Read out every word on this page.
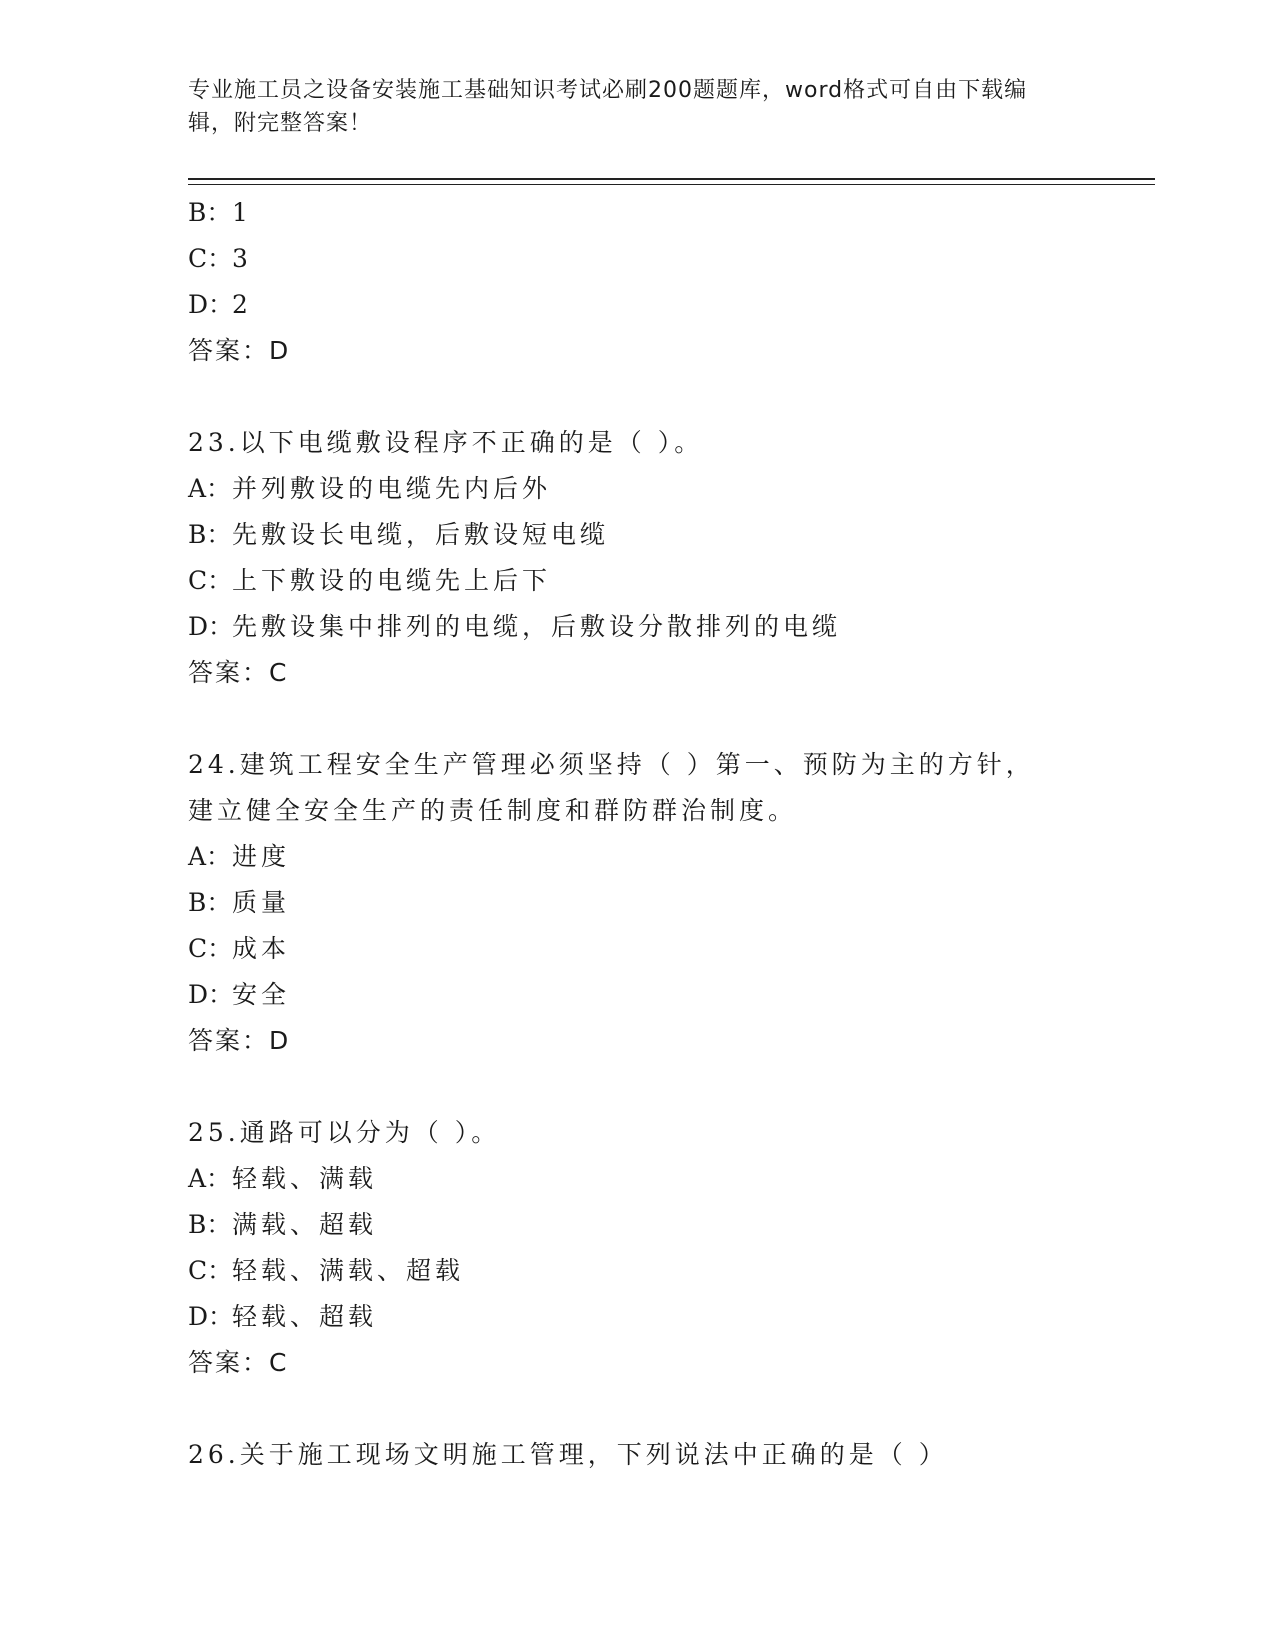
专业施工员之设备安装施工基础知识考试必刷200题题库，word格式可自由下载编辑，附完整答案！
B：1
C：3
D：2
答案：D
23.以下电缆敷设程序不正确的是（ ）。
A：并列敷设的电缆先内后外
B：先敷设长电缆，后敷设短电缆
C：上下敷设的电缆先上后下
D：先敷设集中排列的电缆，后敷设分散排列的电缆
答案：C
24.建筑工程安全生产管理必须坚持（ ）第一、预防为主的方针，建立健全安全生产的责任制度和群防群治制度。
A：进度
B：质量
C：成本
D：安全
答案：D
25.通路可以分为（ ）。
A：轻载、满载
B：满载、超载
C：轻载、满载、超载
D：轻载、超载
答案：C
26.关于施工现场文明施工管理，下列说法中正确的是（ ）
